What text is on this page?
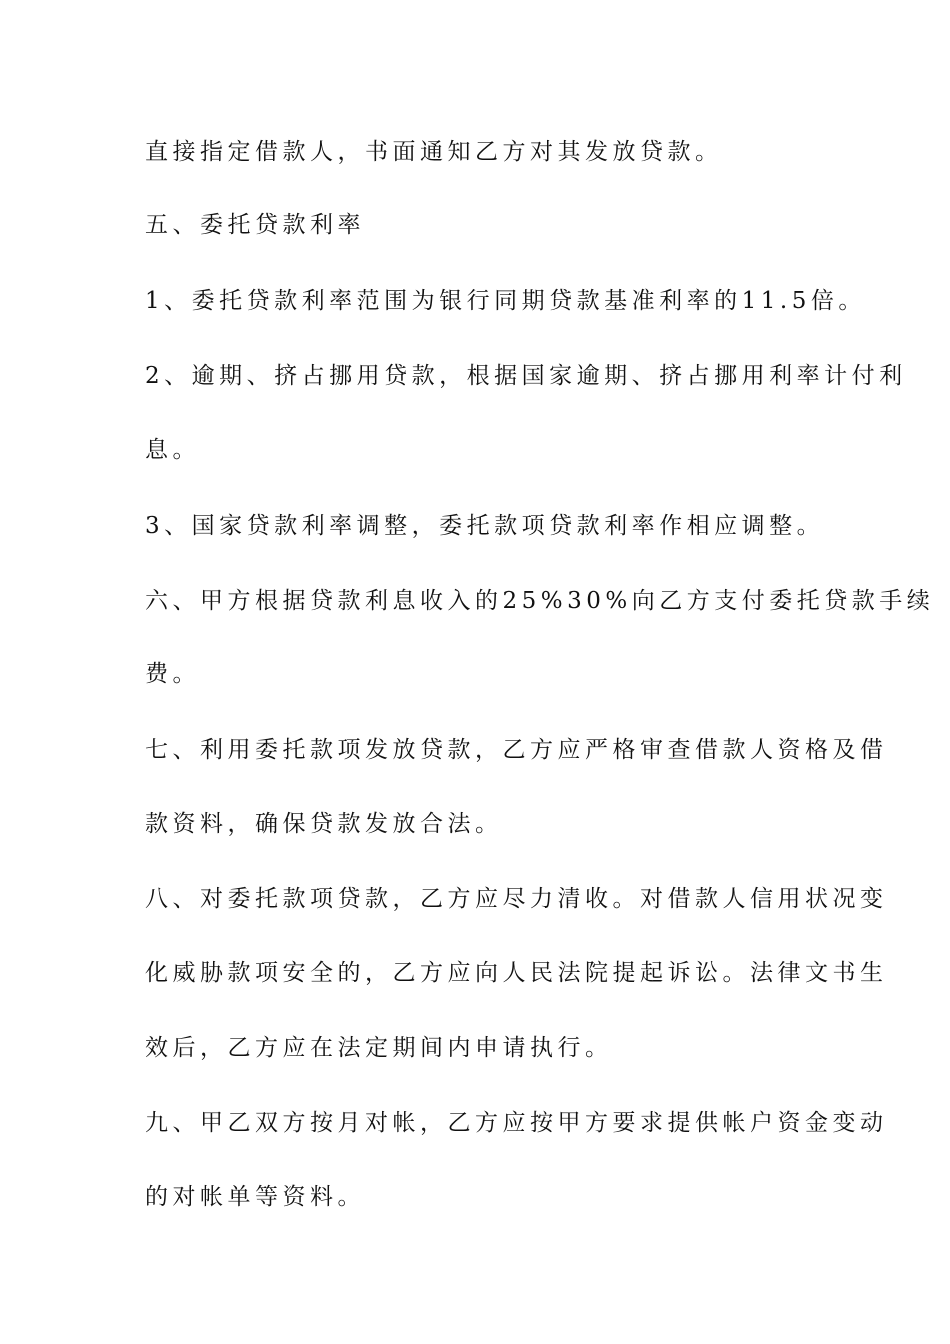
直接指定借款人，书面通知乙方对其发放贷款。
五、委托贷款利率
1、委托贷款利率范围为银行同期贷款基准利率的11.5倍。
2、逾期、挤占挪用贷款，根据国家逾期、挤占挪用利率计付利
息。
3、国家贷款利率调整，委托款项贷款利率作相应调整。
六、甲方根据贷款利息收入的25%30%向乙方支付委托贷款手续
费。
七、利用委托款项发放贷款，乙方应严格审查借款人资格及借
款资料，确保贷款发放合法。
八、对委托款项贷款，乙方应尽力清收。对借款人信用状况变
化威胁款项安全的，乙方应向人民法院提起诉讼。法律文书生
效后，乙方应在法定期间内申请执行。
九、甲乙双方按月对帐，乙方应按甲方要求提供帐户资金变动
的对帐单等资料。
